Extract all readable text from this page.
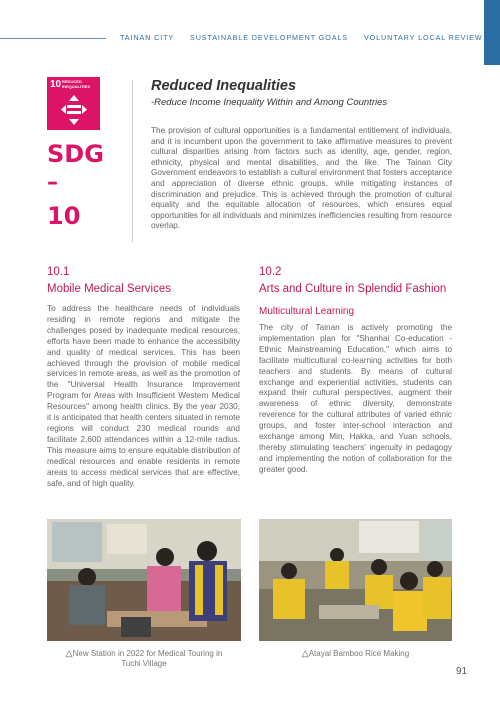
TAINAN CITY SUSTAINABLE DEVELOPMENT GOALS VOLUNTARY LOCAL REVIEW
10 REDUCED
INEQUALITIES
SDG
–
10
Reduced Inequalities
-Reduce Income Inequality Within and Among Countries
The provision of cultural opportunities is a fundamental entitlement of individuals, and it is incumbent upon the government to take affirmative measures to prevent cultural disparities arising from factors such as identity, age, gender, region, ethnicity, physical and mental disabilities, and the like. The Tainan City Government endeavors to establish a cultural environment that fosters acceptance and appreciation of diverse ethnic groups, while mitigating instances of discrimination and prejudice. This is achieved through the promotion of cultural equality and the equitable allocation of resources, which ensures equal opportunities for all individuals and minimizes inefficiencies resulting from resource overlap.
10.1
Mobile Medical Services
To address the healthcare needs of individuals residing in remote regions and mitigate the challenges posed by inadequate medical resources, efforts have been made to enhance the accessibility and quality of medical services. This has been achieved through the provision of mobile medical services in remote areas, as well as the promotion of the "Universal Health Insurance Improvement Program for Areas with Insufficient Western Medical Resources" among health clinics. By the year 2030, it is anticipated that health centers situated in remote regions will conduct 230 medical rounds and facilitate 2,600 attendances within a 12-mile radius. This measure aims to ensure equitable distribution of medical resources and enable residents in remote areas to access medical services that are effective, safe, and of high quality.
10.2
Arts and Culture in Splendid Fashion
Multicultural Learning
The city of Tainan is actively promoting the implementation plan for "Shanhai Co-education - Ethnic Mainstreaming Education," which aims to facilitate multicultural co-learning activities for both teachers and students. By means of cultural exchange and experiential activities, students can expand their cultural perspectives, augment their awareness of ethnic diversity, demonstrate reverence for the cultural attributes of varied ethnic groups, and foster inter-school interaction and exchange among Min, Hakka, and Yuan schools, thereby stimulating teachers' ingenuity in pedagogy and implementing the notion of collaboration for the greater good.
△New Station in 2022 for Medical Touring in
Tuchi Village
△Atayal Bamboo Rice Making
91
